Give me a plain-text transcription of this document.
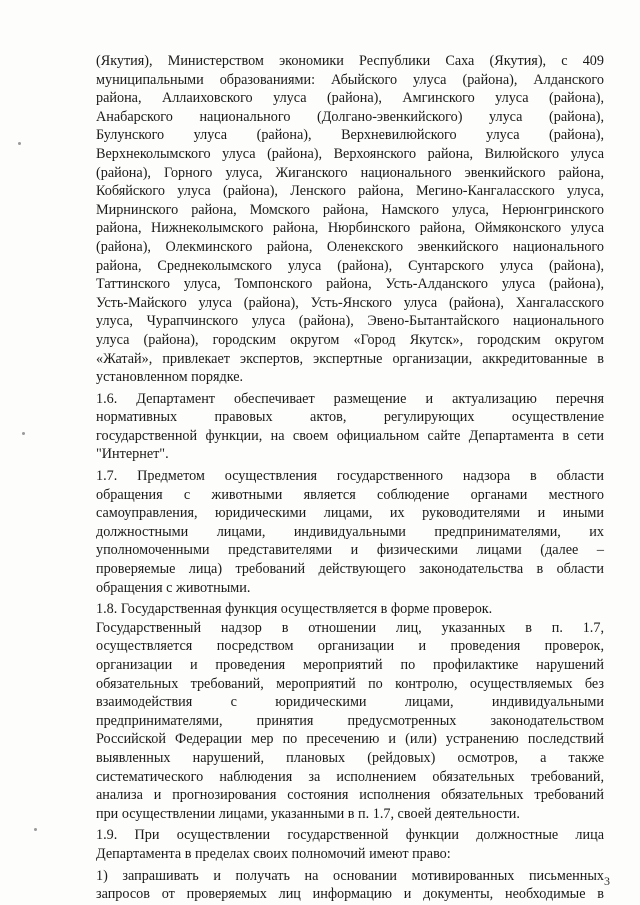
(Якутия), Министерством экономики Республики Саха (Якутия), с 409
муниципальными образованиями: Абыйского улуса (района), Алданского
района, Аллаиховского улуса (района), Амгинского улуса (района),
Анабарского национального (Долгано-эвенкийского) улуса (района),
Булунского улуса (района), Верхневилюйского улуса (района),
Верхнеколымского улуса (района), Верхоянского района, Вилюйского улуса
(района), Горного улуса, Жиганского национального эвенкийского района,
Кобяйского улуса (района), Ленского района, Мегино-Кангаласского улуса,
Мирнинского района, Момского района, Намского улуса, Нерюнгринского
района, Нижнеколымского района, Нюрбинского района, Оймяконского улуса
(района), Олекминского района, Оленекского эвенкийского национального
района, Среднеколымского улуса (района), Сунтарского улуса (района),
Таттинского улуса, Томпонского района, Усть-Алданского улуса (района),
Усть-Майского улуса (района), Усть-Янского улуса (района), Хангаласского
улуса, Чурапчинского улуса (района), Эвено-Бытантайского национального
улуса (района), городским округом «Город Якутск», городским округом
«Жатай», привлекает экспертов, экспертные организации, аккредитованные в
установленном порядке.
1.6. Департамент обеспечивает размещение и актуализацию перечня
нормативных правовых актов, регулирующих осуществление
государственной функции, на своем официальном сайте Департамента в сети
"Интернет".
1.7. Предметом осуществления государственного надзора в области
обращения с животными является соблюдение органами местного
самоуправления, юридическими лицами, их руководителями и иными
должностными лицами, индивидуальными предпринимателями, их
уполномоченными представителями и физическими лицами (далее –
проверяемые лица) требований действующего законодательства в области
обращения с животными.
1.8. Государственная функция осуществляется в форме проверок.
Государственный надзор в отношении лиц, указанных в п. 1.7,
осуществляется посредством организации и проведения проверок,
организации и проведения мероприятий по профилактике нарушений
обязательных требований, мероприятий по контролю, осуществляемых без
взаимодействия с юридическими лицами, индивидуальными
предпринимателями, принятия предусмотренных законодательством
Российской Федерации мер по пресечению и (или) устранению последствий
выявленных нарушений, плановых (рейдовых) осмотров, а также
систематического наблюдения за исполнением обязательных требований,
анализа и прогнозирования состояния исполнения обязательных требований
при осуществлении лицами, указанными в п. 1.7, своей деятельности.
1.9. При осуществлении государственной функции должностные лица
Департамента в пределах своих полномочий имеют право:
1) запрашивать и получать на основании мотивированных письменных
запросов от проверяемых лиц информацию и документы, необходимые в
3
